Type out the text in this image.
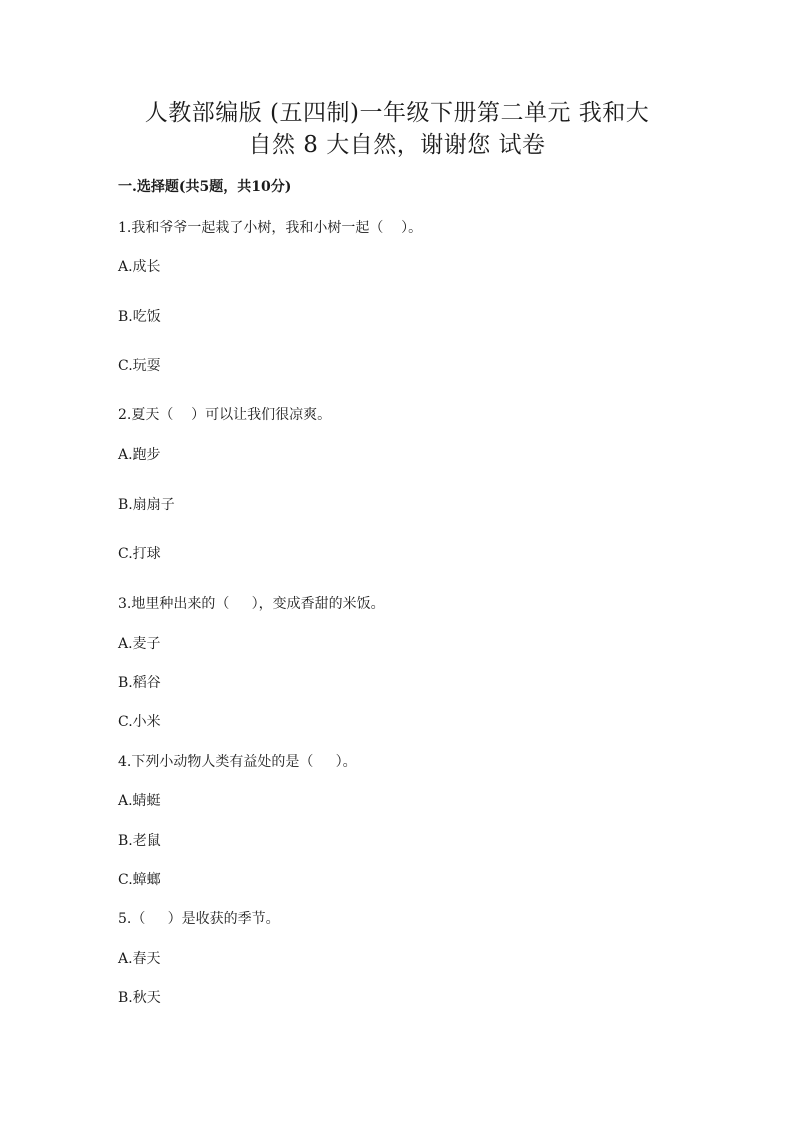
人教部编版 (五四制)一年级下册第二单元 我和大
自然 8 大自然，谢谢您 试卷
一.选择题(共5题，共10分)
1.我和爷爷一起栽了小树，我和小树一起（    ）。
A.成长
B.吃饭
C.玩耍
2.夏天（    ）可以让我们很凉爽。
A.跑步
B.扇扇子
C.打球
3.地里种出来的（     ），变成香甜的米饭。
A.麦子
B.稻谷
C.小米
4.下列小动物人类有益处的是（     ）。
A.蜻蜓
B.老鼠
C.蟑螂
5.（     ）是收获的季节。
A.春天
B.秋天
